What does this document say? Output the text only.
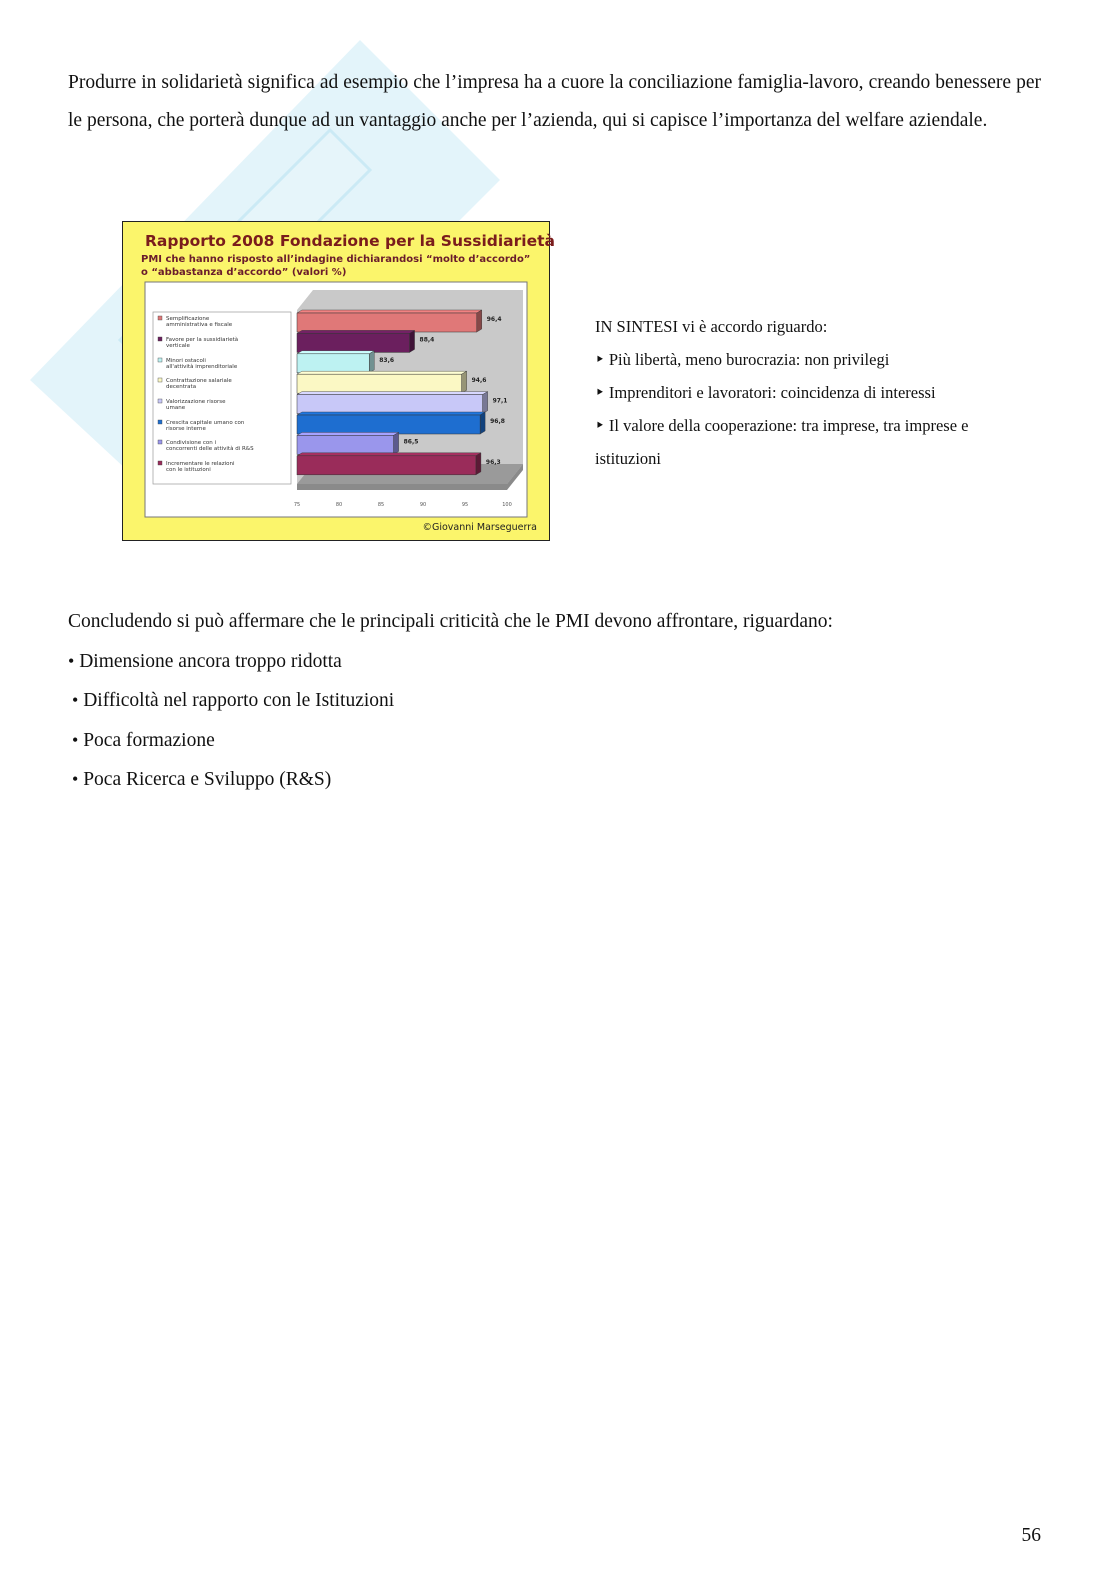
Produrre in solidarietà significa ad esempio che l’impresa ha a cuore la conciliazione famiglia-lavoro, creando benessere per le persona, che porterà dunque ad un vantaggio anche per l’azienda, qui si capisce l’importanza del welfare aziendale.

Rapporto 2008 Fondazione per la Sussidiarietà

PMI che hanno risposto all’indagine dichiarandosi “molto d’accordo” o “abbastanza d’accordo” (valori %)

75	80	85	90	95	100
Semplificazione amministrativa e fiscale
Favore per la sussidiarietà verticale
Minori ostacoli all'attività imprenditoriale
Contrattazione salariale decentrata
Valorizzazione risorse umane
Crescita capitale umano con risorse interne
Condivisione con i concorrenti delle attività di R&S
Incrementare le relazioni con le istituzioni
96,4
88,4
83,6
94,6
97,1
96,8
86,5
96,3

©Giovanni Marseguerra

IN SINTESI vi è accordo riguardo:

‣ Più libertà, meno burocrazia: non privilegi

‣ Imprenditori e lavoratori: coincidenza di interessi

‣ Il valore della cooperazione: tra imprese, tra imprese e istituzioni

Concludendo si può affermare che le principali criticità che le PMI devono affrontare, riguardano:

• Dimensione ancora troppo ridotta

• Difficoltà nel rapporto con le Istituzioni

• Poca formazione

• Poca Ricerca e Sviluppo (R&S)

56
